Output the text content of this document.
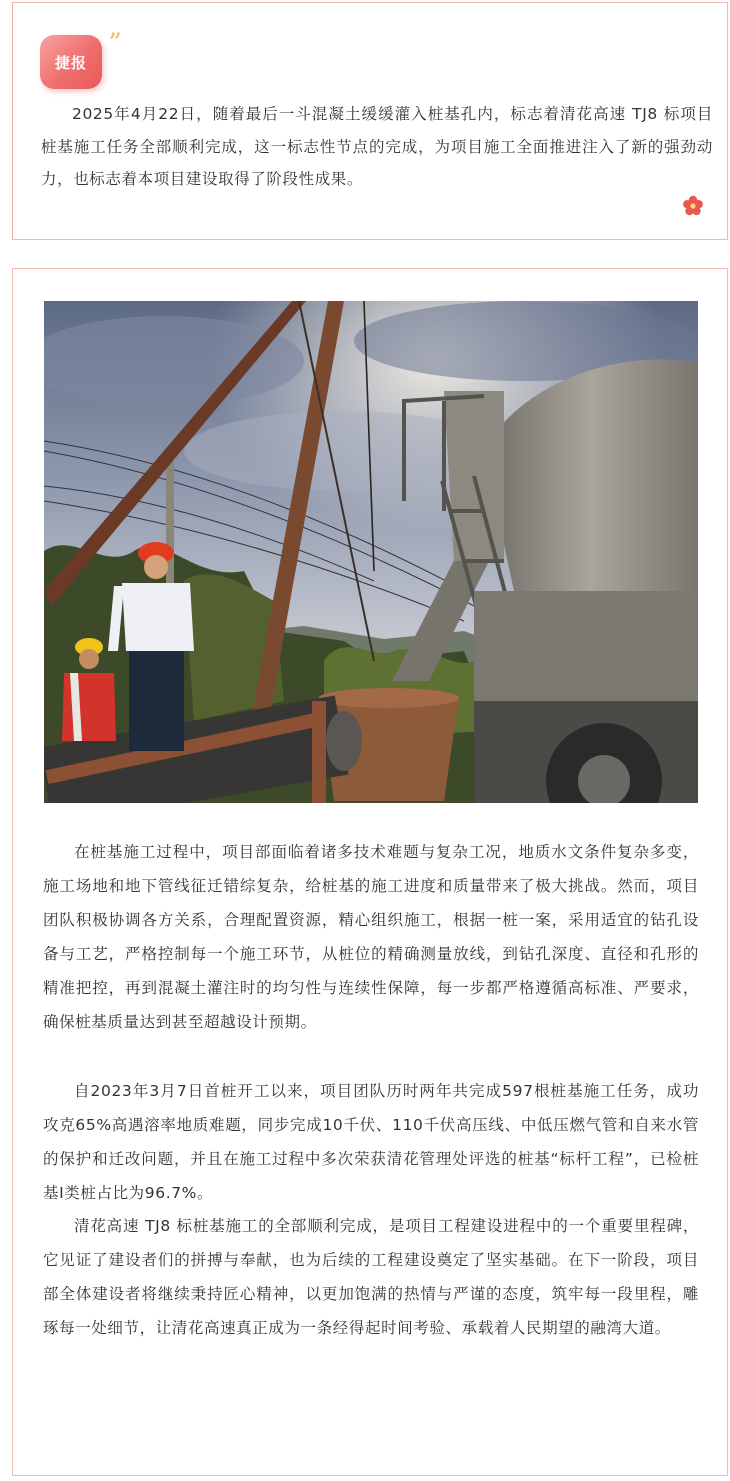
捷报
”

2025年4月22日，随着最后一斗混凝土缓缓灌入桩基孔内，标志着清花高速 TJ8 标项目桩基施工任务全部顺利完成，这一标志性节点的完成，为项目施工全面推进注入了新的强劲动力，也标志着本项目建设取得了阶段性成果。

在桩基施工过程中，项目部面临着诸多技术难题与复杂工况，地质水文条件复杂多变，施工场地和地下管线征迁错综复杂，给桩基的施工进度和质量带来了极大挑战。然而，项目团队积极协调各方关系，合理配置资源，精心组织施工，根据一桩一案，采用适宜的钻孔设备与工艺，严格控制每一个施工环节，从桩位的精确测量放线，到钻孔深度、直径和孔形的精准把控，再到混凝土灌注时的均匀性与连续性保障，每一步都严格遵循高标准、严要求，确保桩基质量达到甚至超越设计预期。

自2023年3月7日首桩开工以来，项目团队历时两年共完成597根桩基施工任务，成功攻克65%高遇溶率地质难题，同步完成10千伏、110千伏高压线、中低压燃气管和自来水管的保护和迁改问题，并且在施工过程中多次荣获清花管理处评选的桩基“标杆工程”，已检桩基I类桩占比为96.7%。

清花高速 TJ8 标桩基施工的全部顺利完成，是项目工程建设进程中的一个重要里程碑，它见证了建设者们的拼搏与奉献，也为后续的工程建设奠定了坚实基础。在下一阶段，项目部全体建设者将继续秉持匠心精神，以更加饱满的热情与严谨的态度，筑牢每一段里程，雕琢每一处细节，让清花高速真正成为一条经得起时间考验、承载着人民期望的融湾大道。
